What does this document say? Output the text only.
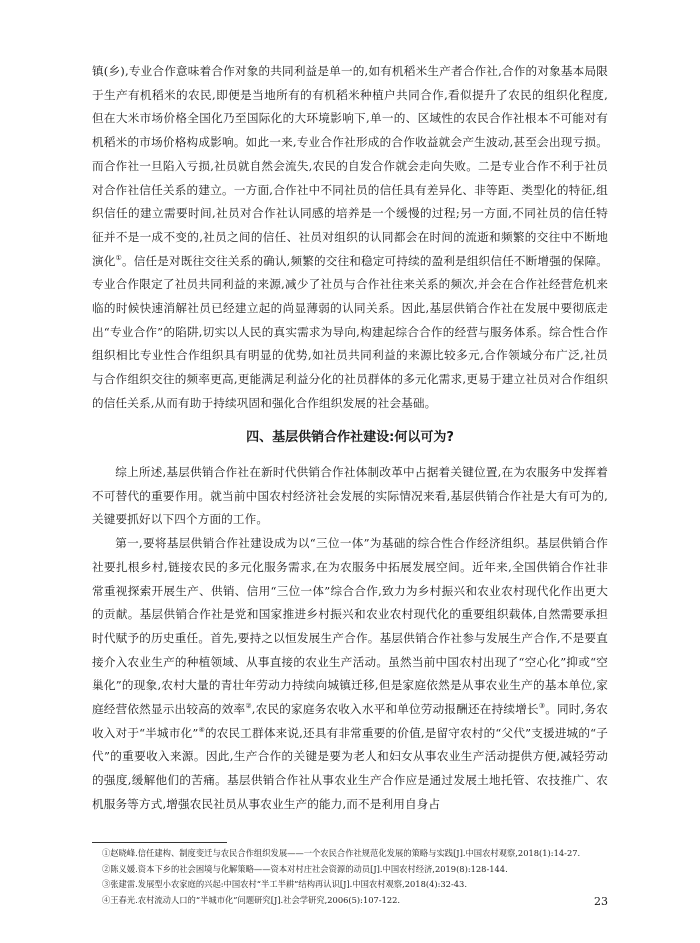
镇(乡),专业合作意味着合作对象的共同利益是单一的,如有机稻米生产者合作社,合作的对象基本局限于生产有机稻米的农民,即便是当地所有的有机稻米种植户共同合作,看似提升了农民的组织化程度,但在大米市场价格全国化乃至国际化的大环境影响下,单一的、区域性的农民合作社根本不可能对有机稻米的市场价格构成影响。如此一来,专业合作社形成的合作收益就会产生波动,甚至会出现亏损。而合作社一旦陷入亏损,社员就自然会流失,农民的自发合作就会走向失败。二是专业合作不利于社员对合作社信任关系的建立。一方面,合作社中不同社员的信任具有差异化、非等距、类型化的特征,组织信任的建立需要时间,社员对合作社认同感的培养是一个缓慢的过程;另一方面,不同社员的信任特征并不是一成不变的,社员之间的信任、社员对组织的认同都会在时间的流逝和频繁的交往中不断地演化①。信任是对既往交往关系的确认,频繁的交往和稳定可持续的盈利是组织信任不断增强的保障。专业合作限定了社员共同利益的来源,减少了社员与合作社往来关系的频次,并会在合作社经营危机来临的时候快速消解社员已经建立起的尚显薄弱的认同关系。因此,基层供销合作社在发展中要彻底走出“专业合作”的陷阱,切实以人民的真实需求为导向,构建起综合合作的经营与服务体系。综合性合作组织相比专业性合作组织具有明显的优势,如社员共同利益的来源比较多元,合作领域分布广泛,社员与合作组织交往的频率更高,更能满足利益分化的社员群体的多元化需求,更易于建立社员对合作组织的信任关系,从而有助于持续巩固和强化合作组织发展的社会基础。

四、基层供销合作社建设:何以可为?

综上所述,基层供销合作社在新时代供销合作社体制改革中占据着关键位置,在为农服务中发挥着不可替代的重要作用。就当前中国农村经济社会发展的实际情况来看,基层供销合作社是大有可为的,关键要抓好以下四个方面的工作。

第一,要将基层供销合作社建设成为以“三位一体”为基础的综合性合作经济组织。基层供销合作社要扎根乡村,链接农民的多元化服务需求,在为农服务中拓展发展空间。近年来,全国供销合作社非常重视探索开展生产、供销、信用“三位一体”综合合作,致力为乡村振兴和农业农村现代化作出更大的贡献。基层供销合作社是党和国家推进乡村振兴和农业农村现代化的重要组织载体,自然需要承担时代赋予的历史重任。首先,要持之以恒发展生产合作。基层供销合作社参与发展生产合作,不是要直接介入农业生产的种植领域、从事直接的农业生产活动。虽然当前中国农村出现了“空心化”抑或“空巢化”的现象,农村大量的青壮年劳动力持续向城镇迁移,但是家庭依然是从事农业生产的基本单位,家庭经营依然显示出较高的效率②,农民的家庭务农收入水平和单位劳动报酬还在持续增长③。同时,务农收入对于“半城市化”④的农民工群体来说,还具有非常重要的价值,是留守农村的“父代”支援进城的“子代”的重要收入来源。因此,生产合作的关键是要为老人和妇女从事农业生产活动提供方便,减轻劳动的强度,缓解他们的苦痛。基层供销合作社从事农业生产合作应是通过发展土地托管、农技推广、农机服务等方式,增强农民社员从事农业生产的能力,而不是利用自身占

①赵晓峰.信任建构、制度变迁与农民合作组织发展——一个农民合作社规范化发展的策略与实践[J].中国农村观察,2018(1):14-27.

②陈义媛.资本下乡的社会困境与化解策略——资本对村庄社会资源的动员[J].中国农村经济,2019(8):128-144.

③张建雷.发展型小农家庭的兴起:中国农村“半工半耕”结构再认识[J].中国农村观察,2018(4):32-43.

④王春光.农村流动人口的“半城市化”问题研究[J].社会学研究,2006(5):107-122.	23
